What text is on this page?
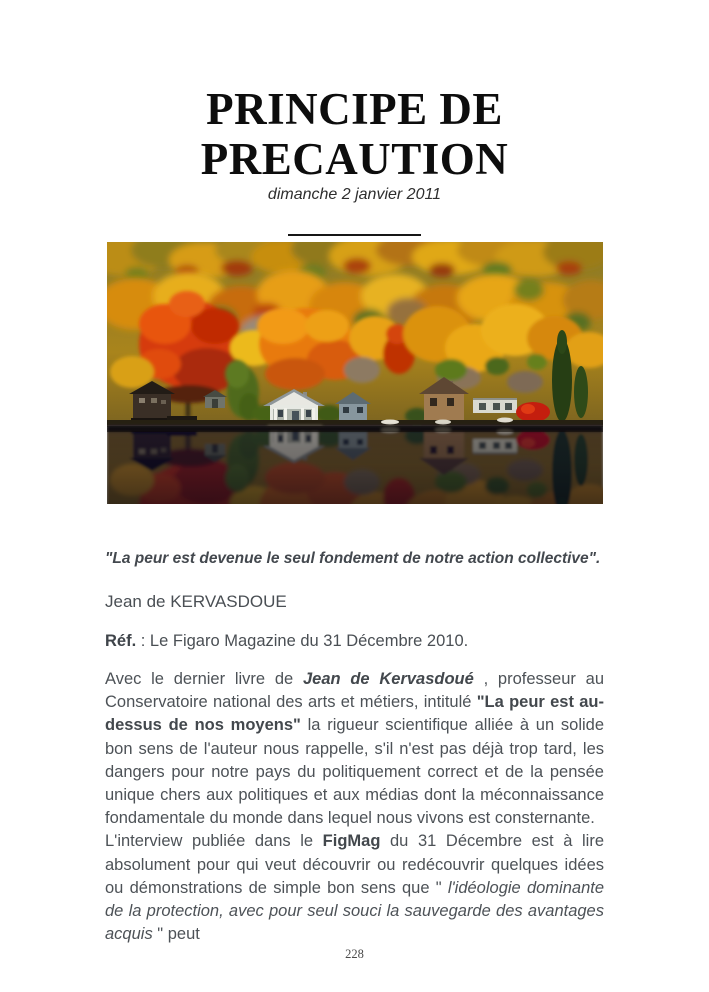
PRINCIPE DE
PRECAUTION
dimanche 2 janvier 2011

"La peur est devenue le seul fondement de notre action collective".

Jean de KERVASDOUE

Réf. : Le Figaro Magazine du 31 Décembre 2010.

Avec le dernier livre de Jean de Kervasdoué , professeur au Conservatoire national des arts et métiers, intitulé "La peur est au-dessus de nos moyens" la rigueur scientifique alliée à un solide bon sens de l'auteur nous rappelle, s'il n'est pas déjà trop tard, les dangers pour notre pays du politiquement correct et de la pensée unique chers aux politiques et aux médias dont la méconnaissance fondamentale du monde dans lequel nous vivons est consternante.

L'interview publiée dans le FigMag du 31 Décembre est à lire absolument pour qui veut découvrir ou redécouvrir quelques idées ou démonstrations de simple bon sens que " l'idéologie dominante de la protection, avec pour seul souci la sauvegarde des avantages acquis " peut

228
